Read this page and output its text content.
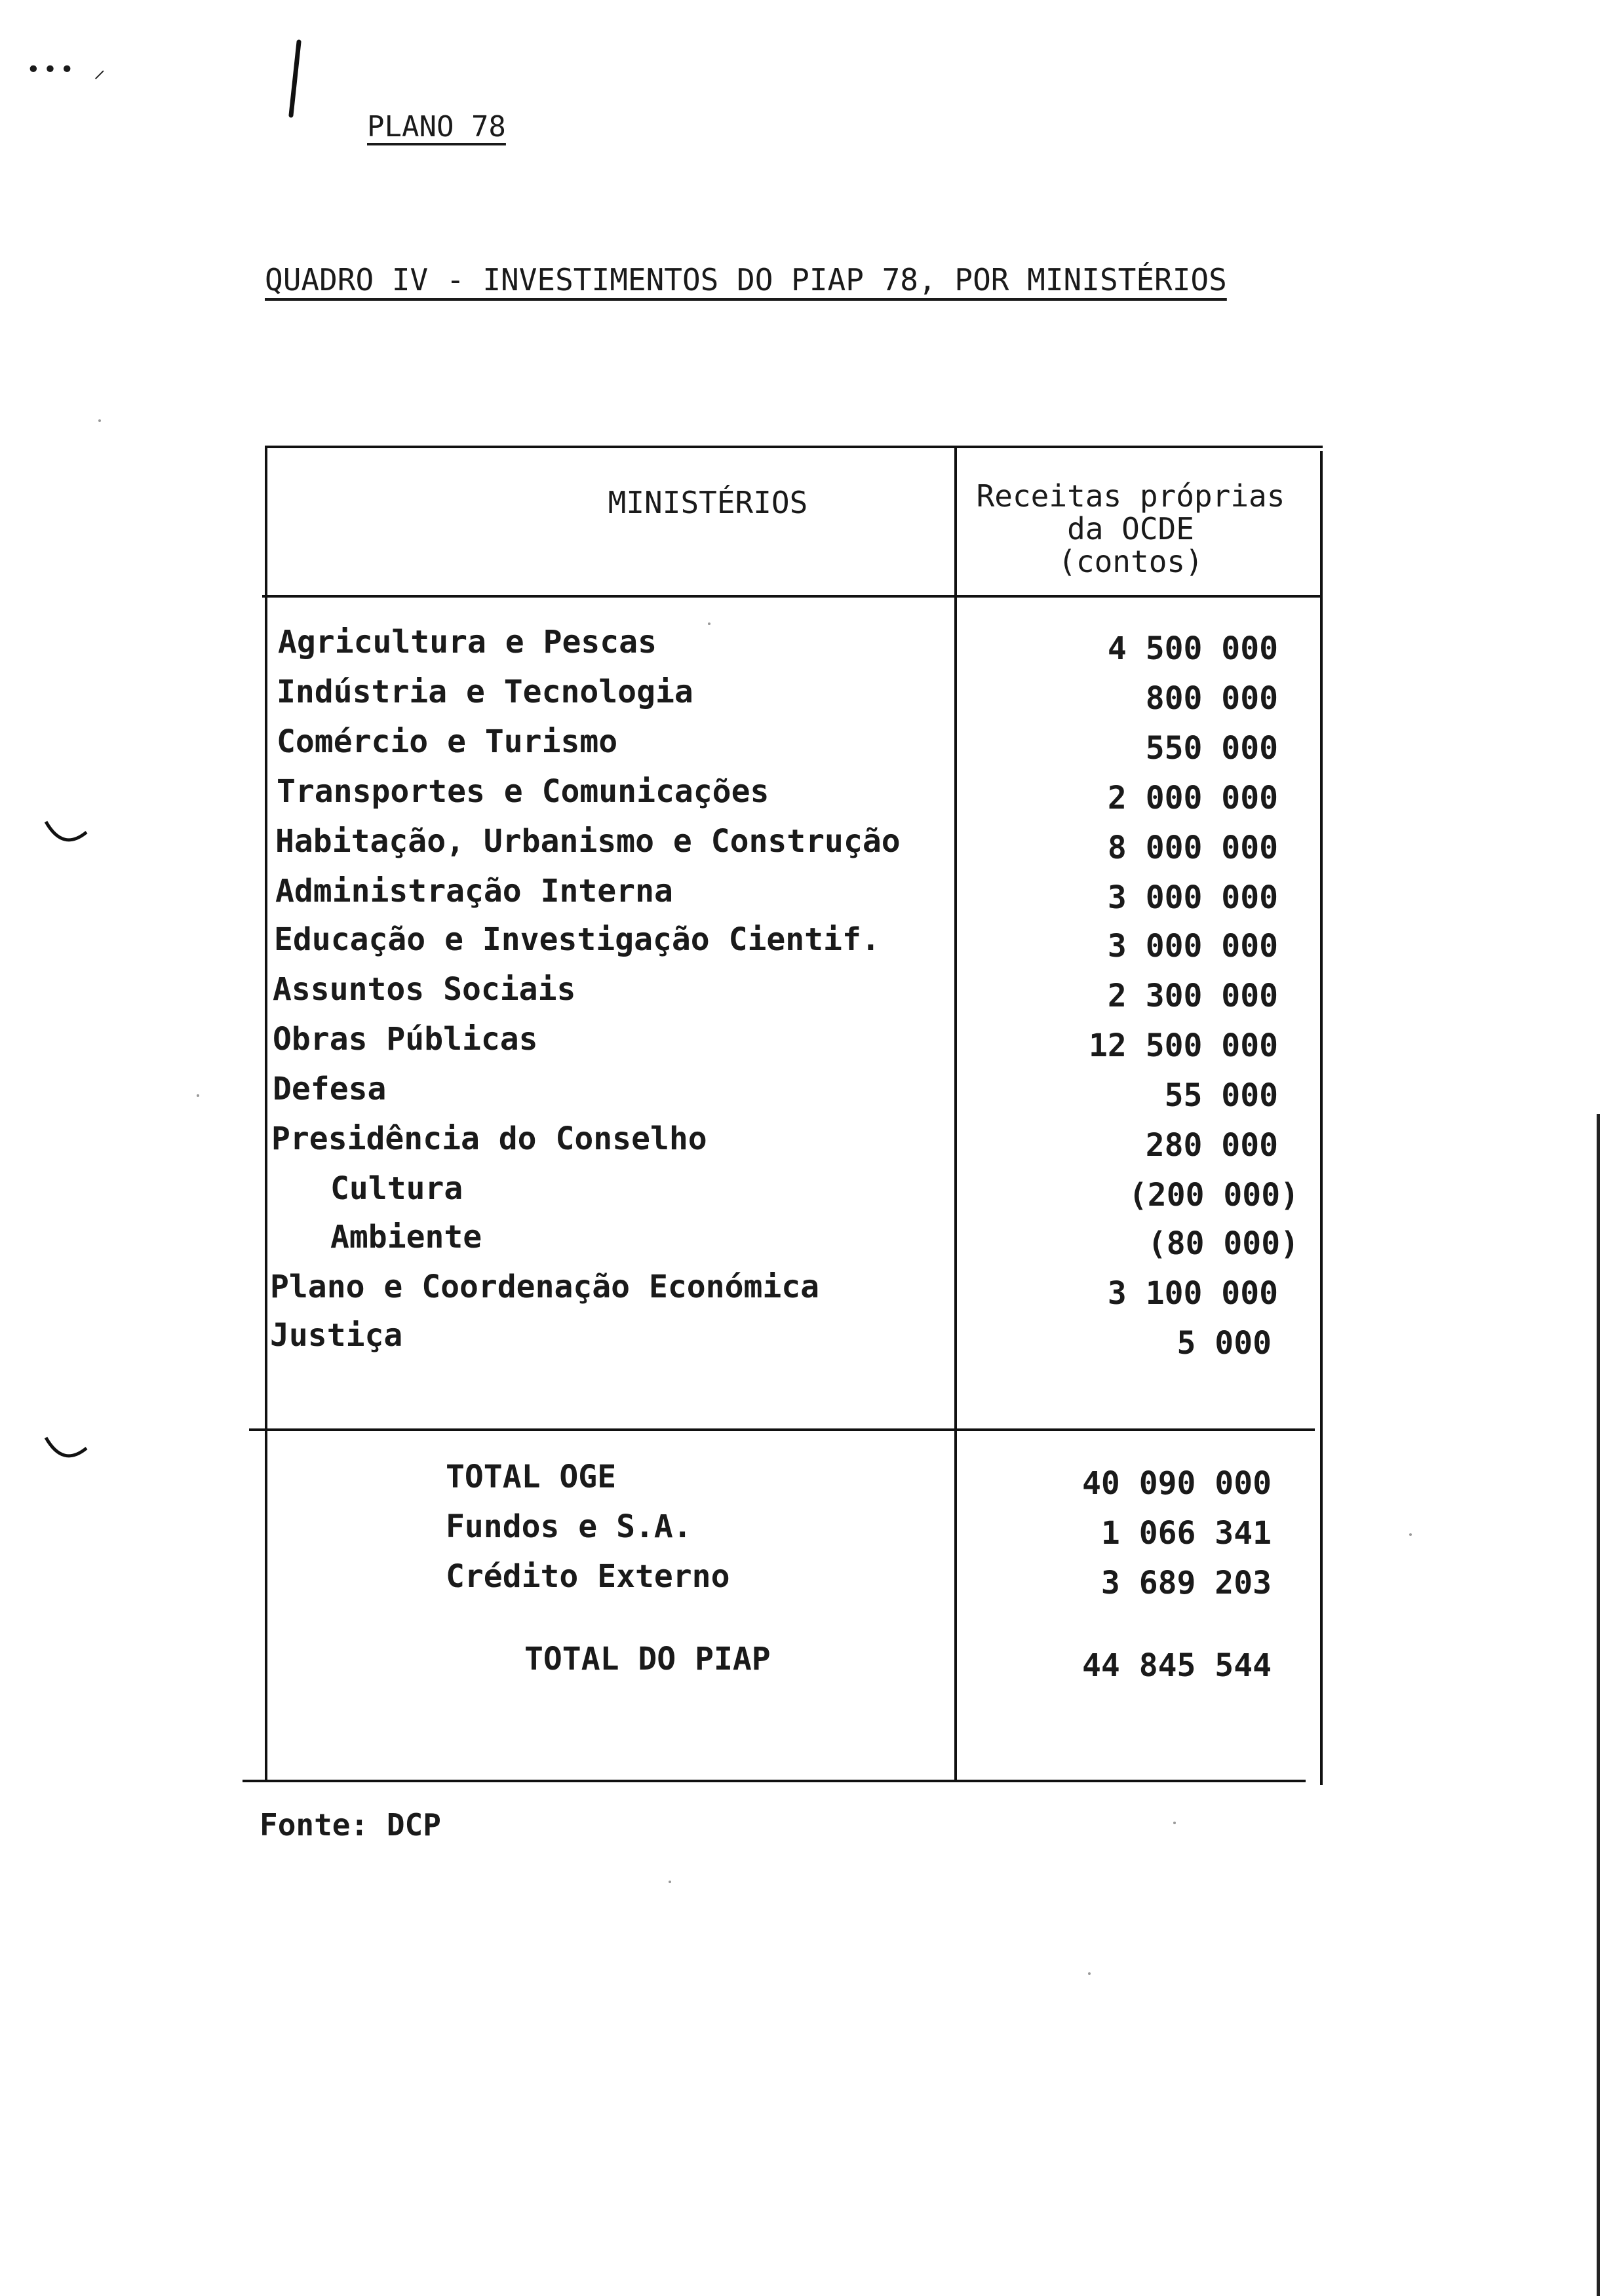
••• ⸝
PLANO 78
QUADRO IV - INVESTIMENTOS DO PIAP 78, POR MINISTÉRIOS
MINISTÉRIOS	Receitas próprias
da OCDE
(contos)
Agricultura e Pescas	4 500 000
Indústria e Tecnologia	800 000
Comércio e Turismo	550 000
Transportes e Comunicações	2 000 000
Habitação, Urbanismo e Construção	8 000 000
Administração Interna	3 000 000
Educação e Investigação Cientif.	3 000 000
Assuntos Sociais	2 300 000
Obras Públicas	12 500 000
Defesa	55 000
Presidência do Conselho	280 000
Cultura	(200 000)
Ambiente	(80 000)
Plano e Coordenação Económica	3 100 000
Justiça	5 000
TOTAL OGE	40 090 000
Fundos e S.A.	1 066 341
Crédito Externo	3 689 203
TOTAL DO PIAP	44 845 544
Fonte: DCP
